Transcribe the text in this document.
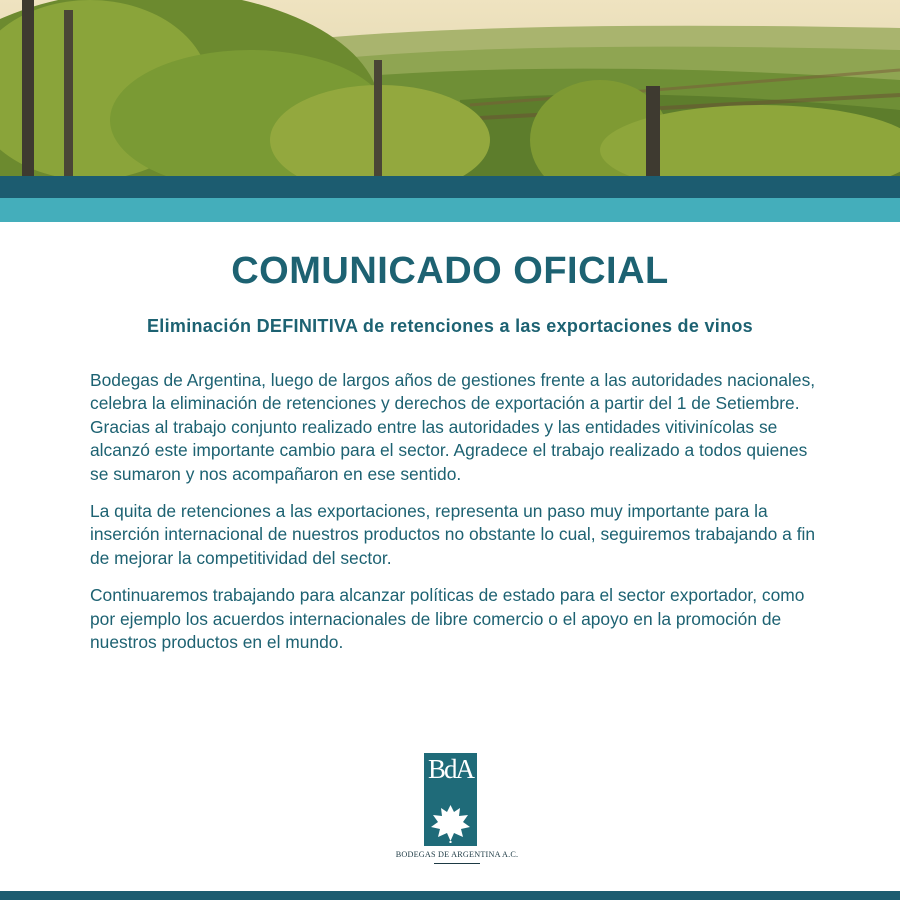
COMUNICADO OFICIAL
Eliminación DEFINITIVA de retenciones a las exportaciones de vinos

Bodegas de Argentina, luego de largos años de gestiones frente a las autoridades nacionales, celebra la eliminación de retenciones y derechos de exportación a partir del 1 de Setiembre. Gracias al trabajo conjunto realizado entre las autoridades y las entidades vitivinícolas se alcanzó este importante cambio para el sector. Agradece el trabajo realizado a todos quienes se sumaron y nos acompañaron en ese sentido.

La quita de retenciones a las exportaciones, representa un paso muy importante para la inserción internacional de nuestros productos no obstante lo cual, seguiremos trabajando a fin de mejorar la competitividad del sector.

Continuaremos trabajando para alcanzar políticas de estado para el sector exportador, como por ejemplo los acuerdos internacionales de libre comercio o el apoyo en la promoción de nuestros productos en el mundo.

BdA
BODEGAS DE ARGENTINA A.C.
